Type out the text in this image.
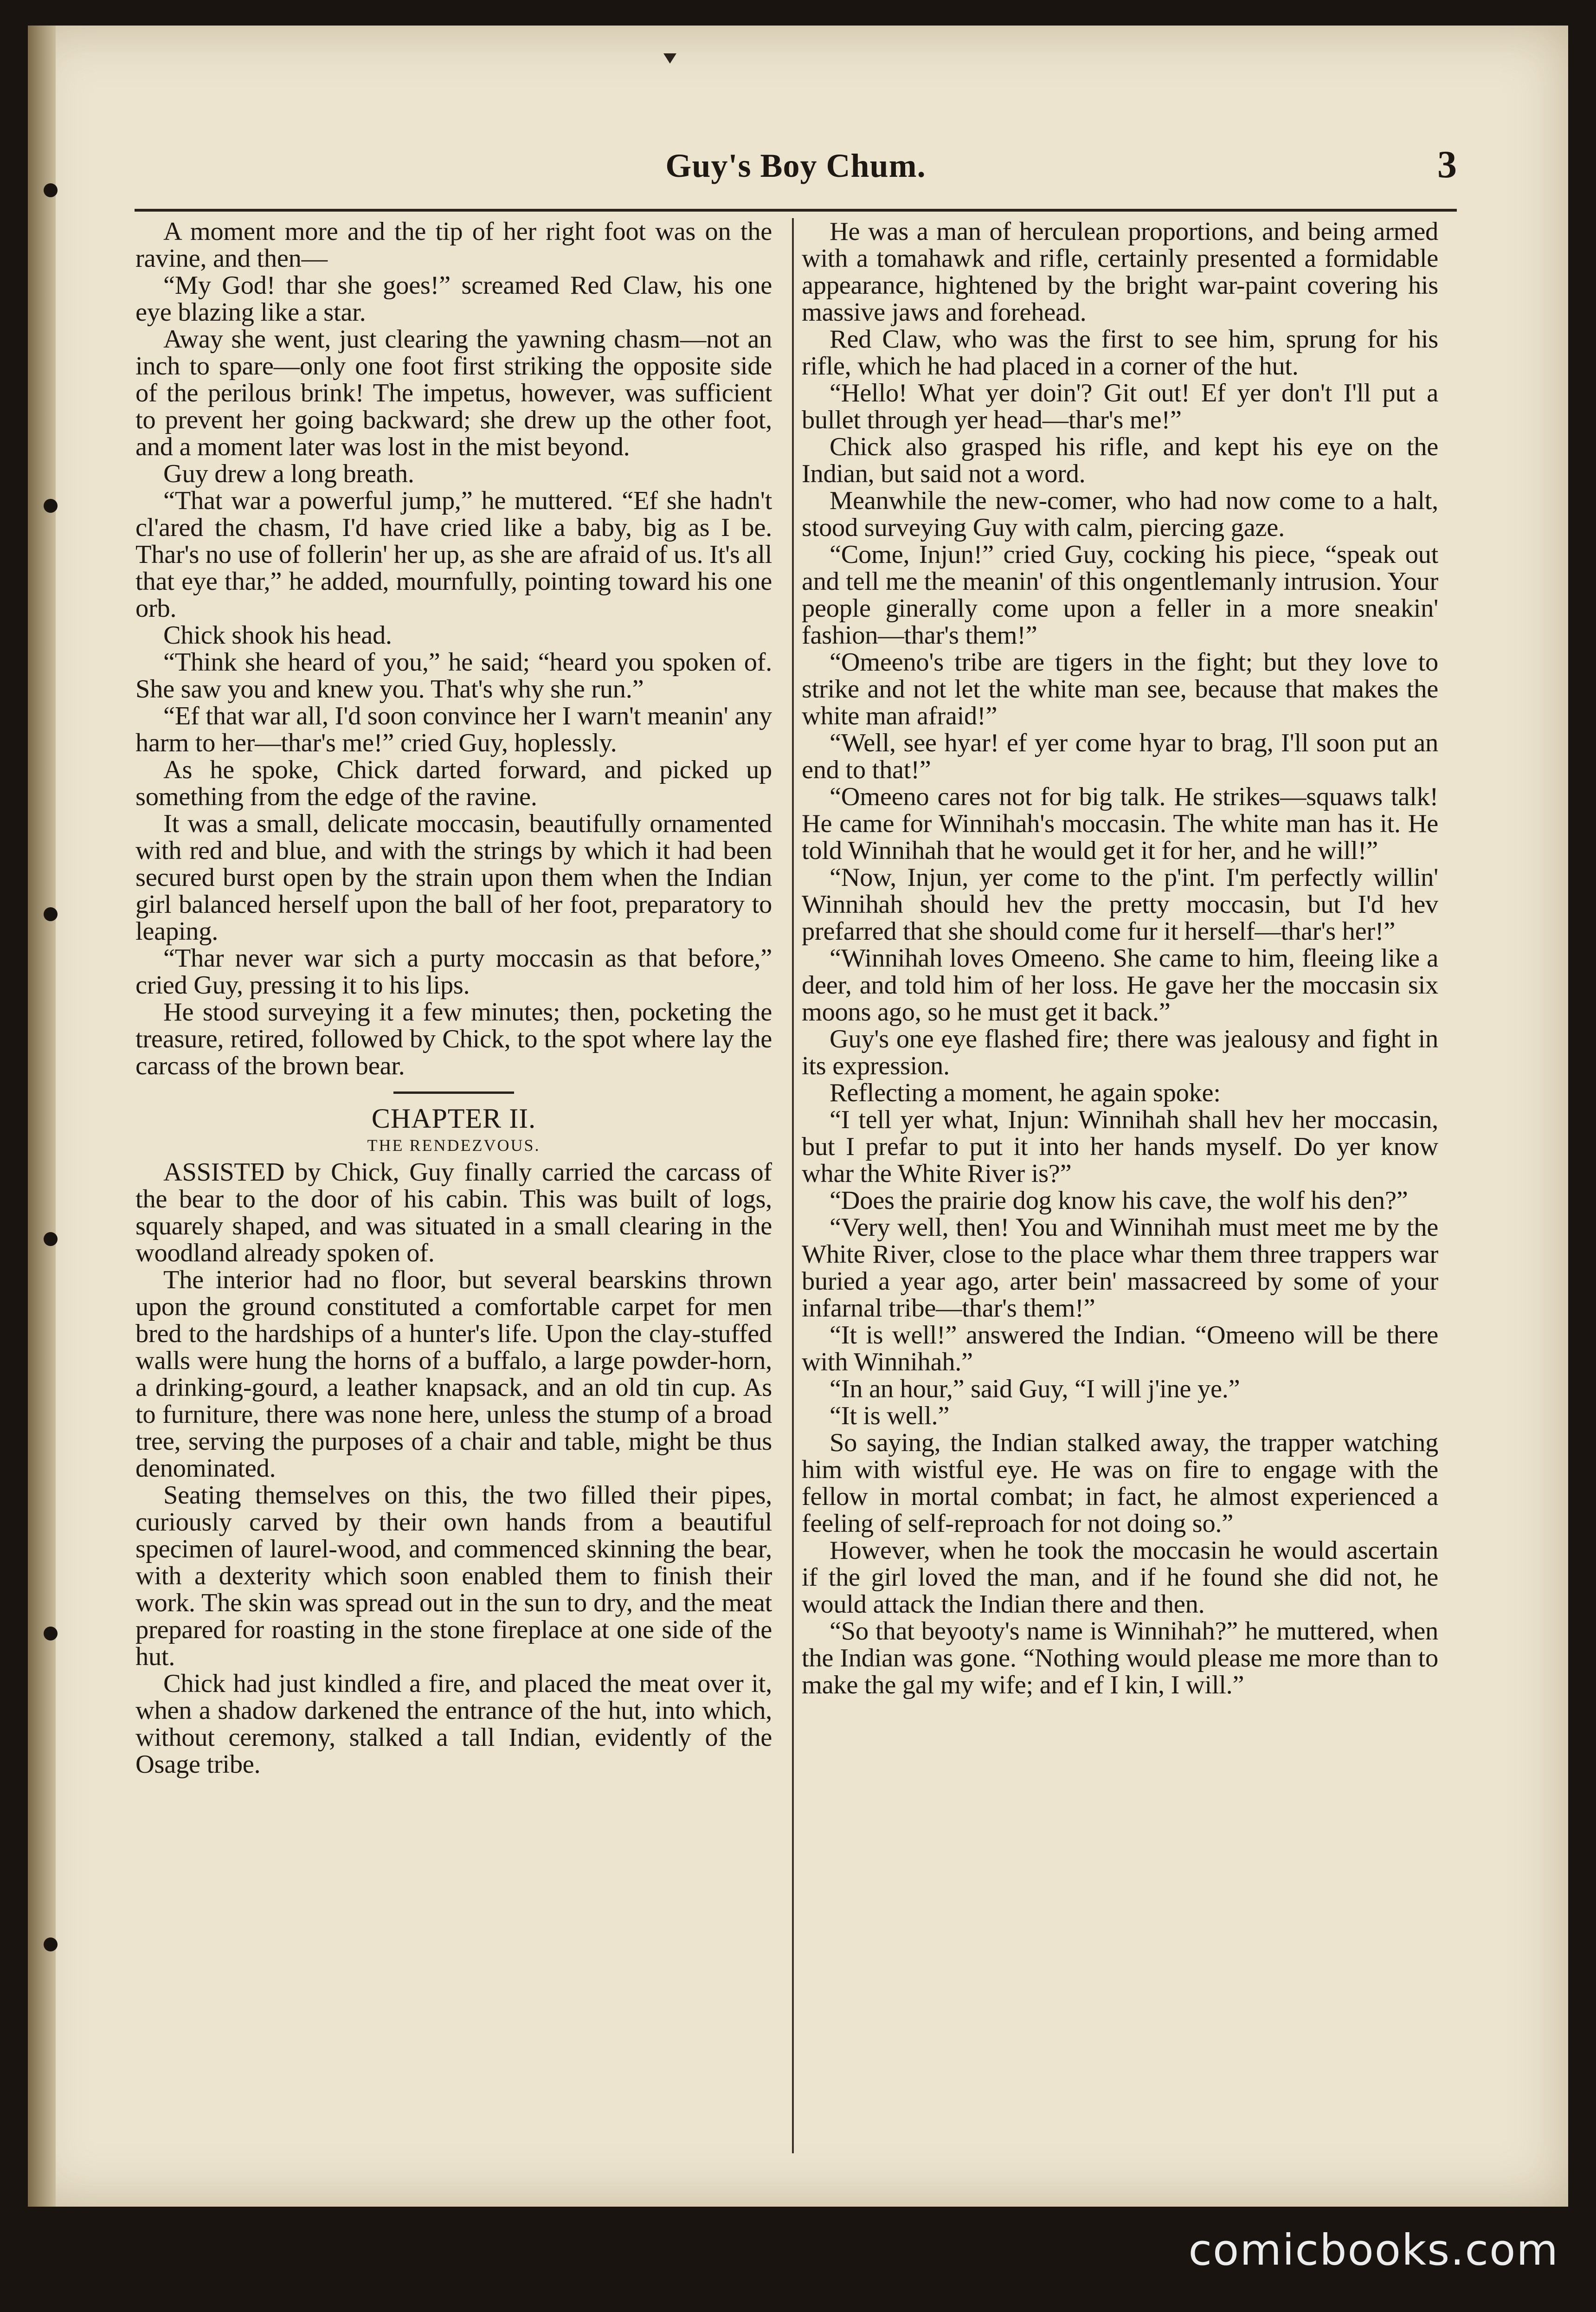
Guy's Boy Chum.	3

A moment more and the tip of her right foot was on the ravine, and then—

“My God! thar she goes!” screamed Red Claw, his one eye blazing like a star.

Away she went, just clearing the yawning chasm—not an inch to spare—only one foot first striking the opposite side of the perilous brink! The impetus, however, was sufficient to prevent her going backward; she drew up the other foot, and a moment later was lost in the mist beyond.

Guy drew a long breath.

“That war a powerful jump,” he muttered. “Ef she hadn't cl'ared the chasm, I'd have cried like a baby, big as I be. Thar's no use of follerin' her up, as she are afraid of us. It's all that eye thar,” he added, mournfully, pointing toward his one orb.

Chick shook his head.

“Think she heard of you,” he said; “heard you spoken of. She saw you and knew you. That's why she run.”

“Ef that war all, I'd soon convince her I warn't meanin' any harm to her—thar's me!” cried Guy, hoplessly.

As he spoke, Chick darted forward, and picked up something from the edge of the ravine.

It was a small, delicate moccasin, beautifully ornamented with red and blue, and with the strings by which it had been secured burst open by the strain upon them when the Indian girl balanced herself upon the ball of her foot, preparatory to leaping.

“Thar never war sich a purty moccasin as that before,” cried Guy, pressing it to his lips.

He stood surveying it a few minutes; then, pocketing the treasure, retired, followed by Chick, to the spot where lay the carcass of the brown bear.

CHAPTER II.

THE RENDEZVOUS.

ASSISTED by Chick, Guy finally carried the carcass of the bear to the door of his cabin. This was built of logs, squarely shaped, and was situated in a small clearing in the woodland already spoken of.

The interior had no floor, but several bearskins thrown upon the ground constituted a comfortable carpet for men bred to the hardships of a hunter's life. Upon the clay-stuffed walls were hung the horns of a buffalo, a large powder-horn, a drinking-gourd, a leather knapsack, and an old tin cup. As to furniture, there was none here, unless the stump of a broad tree, serving the purposes of a chair and table, might be thus denominated.

Seating themselves on this, the two filled their pipes, curiously carved by their own hands from a beautiful specimen of laurel-wood, and commenced skinning the bear, with a dexterity which soon enabled them to finish their work. The skin was spread out in the sun to dry, and the meat prepared for roasting in the stone fireplace at one side of the hut.

Chick had just kindled a fire, and placed the meat over it, when a shadow darkened the entrance of the hut, into which, without ceremony, stalked a tall Indian, evidently of the Osage tribe.

He was a man of herculean proportions, and being armed with a tomahawk and rifle, certainly presented a formidable appearance, hightened by the bright war-paint covering his massive jaws and forehead.

Red Claw, who was the first to see him, sprung for his rifle, which he had placed in a corner of the hut.

“Hello! What yer doin'? Git out! Ef yer don't I'll put a bullet through yer head—thar's me!”

Chick also grasped his rifle, and kept his eye on the Indian, but said not a word.

Meanwhile the new-comer, who had now come to a halt, stood surveying Guy with calm, piercing gaze.

“Come, Injun!” cried Guy, cocking his piece, “speak out and tell me the meanin' of this ongentlemanly intrusion. Your people ginerally come upon a feller in a more sneakin' fashion—thar's them!”

“Omeeno's tribe are tigers in the fight; but they love to strike and not let the white man see, because that makes the white man afraid!”

“Well, see hyar! ef yer come hyar to brag, I'll soon put an end to that!”

“Omeeno cares not for big talk. He strikes—squaws talk! He came for Winnihah's moccasin. The white man has it. He told Winnihah that he would get it for her, and he will!”

“Now, Injun, yer come to the p'int. I'm perfectly willin' Winnihah should hev the pretty moccasin, but I'd hev prefarred that she should come fur it herself—thar's her!”

“Winnihah loves Omeeno. She came to him, fleeing like a deer, and told him of her loss. He gave her the moccasin six moons ago, so he must get it back.”

Guy's one eye flashed fire; there was jealousy and fight in its expression.

Reflecting a moment, he again spoke:

“I tell yer what, Injun: Winnihah shall hev her moccasin, but I prefar to put it into her hands myself. Do yer know whar the White River is?”

“Does the prairie dog know his cave, the wolf his den?”

“Very well, then! You and Winnihah must meet me by the White River, close to the place whar them three trappers war buried a year ago, arter bein' massacreed by some of your infarnal tribe—thar's them!”

“It is well!” answered the Indian. “Omeeno will be there with Winnihah.”

“In an hour,” said Guy, “I will j'ine ye.”

“It is well.”

So saying, the Indian stalked away, the trapper watching him with wistful eye. He was on fire to engage with the fellow in mortal combat; in fact, he almost experienced a feeling of self-reproach for not doing so.”

However, when he took the moccasin he would ascertain if the girl loved the man, and if he found she did not, he would attack the Indian there and then.

“So that beyooty's name is Winnihah?” he muttered, when the Indian was gone. “Nothing would please me more than to make the gal my wife; and ef I kin, I will.”

comicbooks.com
